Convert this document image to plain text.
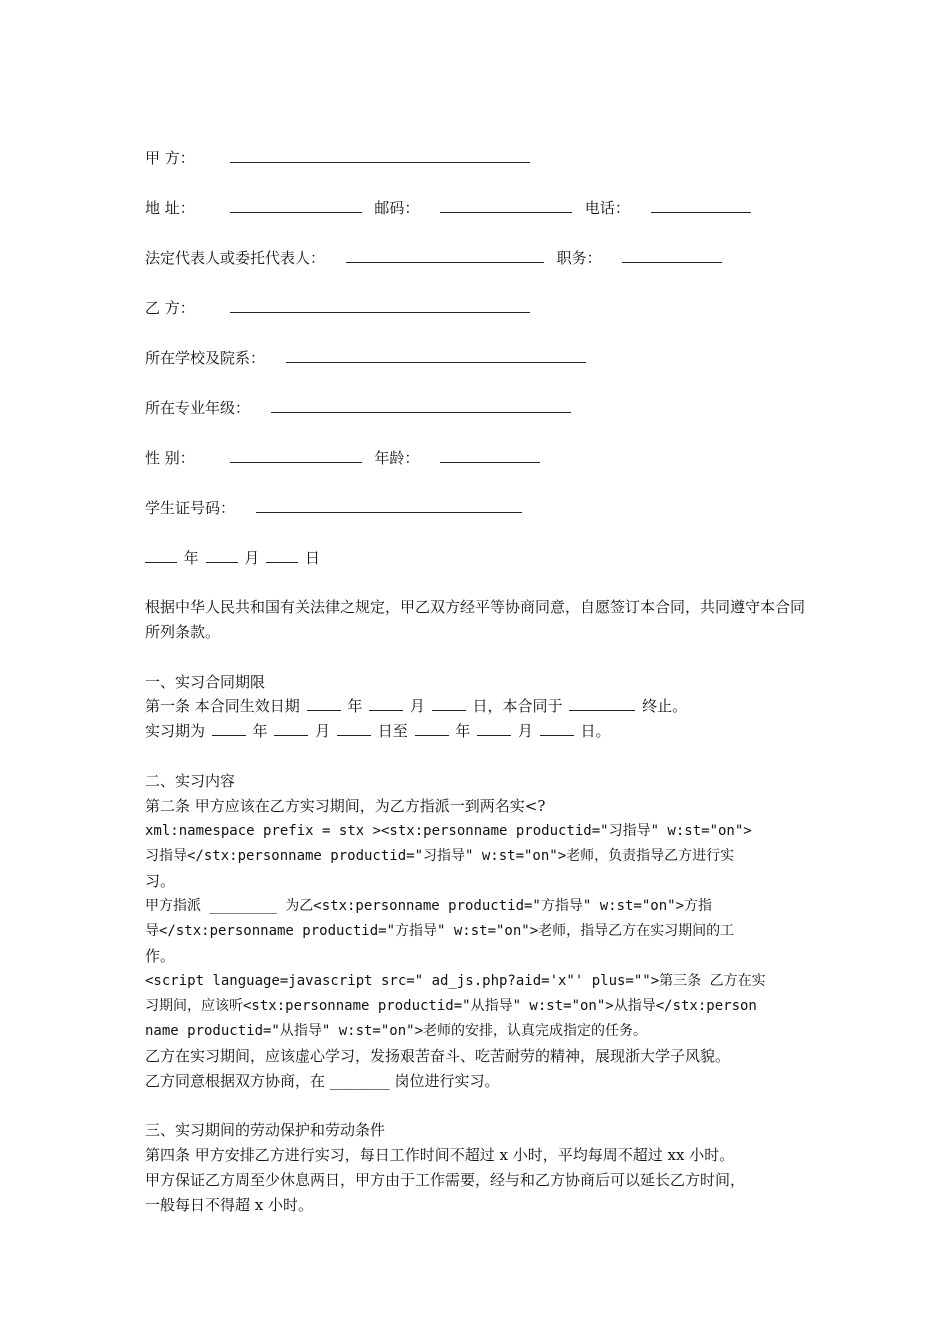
甲 方：
地 址：	邮码：	电话：
法定代表人或委托代表人：	职务：
乙 方：
所在学校及院系：
所在专业年级：
性 别：	年龄：
学生证号码：
年	月	日
根据中华人民共和国有关法律之规定，甲乙双方经平等协商同意，自愿签订本合同，共同遵守本合同所列条款。
一、实习合同期限
第一条 本合同生效日期	年	月	日，本合同于	终止。
实习期为	年	月	日至	年	月	日。
二、实习内容
第二条 甲方应该在乙方实习期间，为乙方指派一到两名实<?
xml:namespace prefix = stx ><stx:personname productid="习指导" w:st="on">
习指导</stx:personname productid="习指导" w:st="on">老师，负责指导乙方进行实
习。
甲方指派 ________ 为乙<stx:personname productid="方指导" w:st="on">方指
导</stx:personname productid="方指导" w:st="on">老师，指导乙方在实习期间的工
作。
<script language=javascript src=" ad_js.php?aid='x"' plus="">第三条 乙方在实
习期间，应该听<stx:personname productid="从指导" w:st="on">从指导</stx:person
name productid="从指导" w:st="on">老师的安排，认真完成指定的任务。
乙方在实习期间，应该虚心学习，发扬艰苦奋斗、吃苦耐劳的精神，展现浙大学子风貌。
乙方同意根据双方协商，在 ________ 岗位进行实习。
三、实习期间的劳动保护和劳动条件
第四条 甲方安排乙方进行实习，每日工作时间不超过 x 小时，平均每周不超过 xx 小时。
甲方保证乙方周至少休息两日，甲方由于工作需要，经与和乙方协商后可以延长乙方时间，
一般每日不得超 x 小时。
